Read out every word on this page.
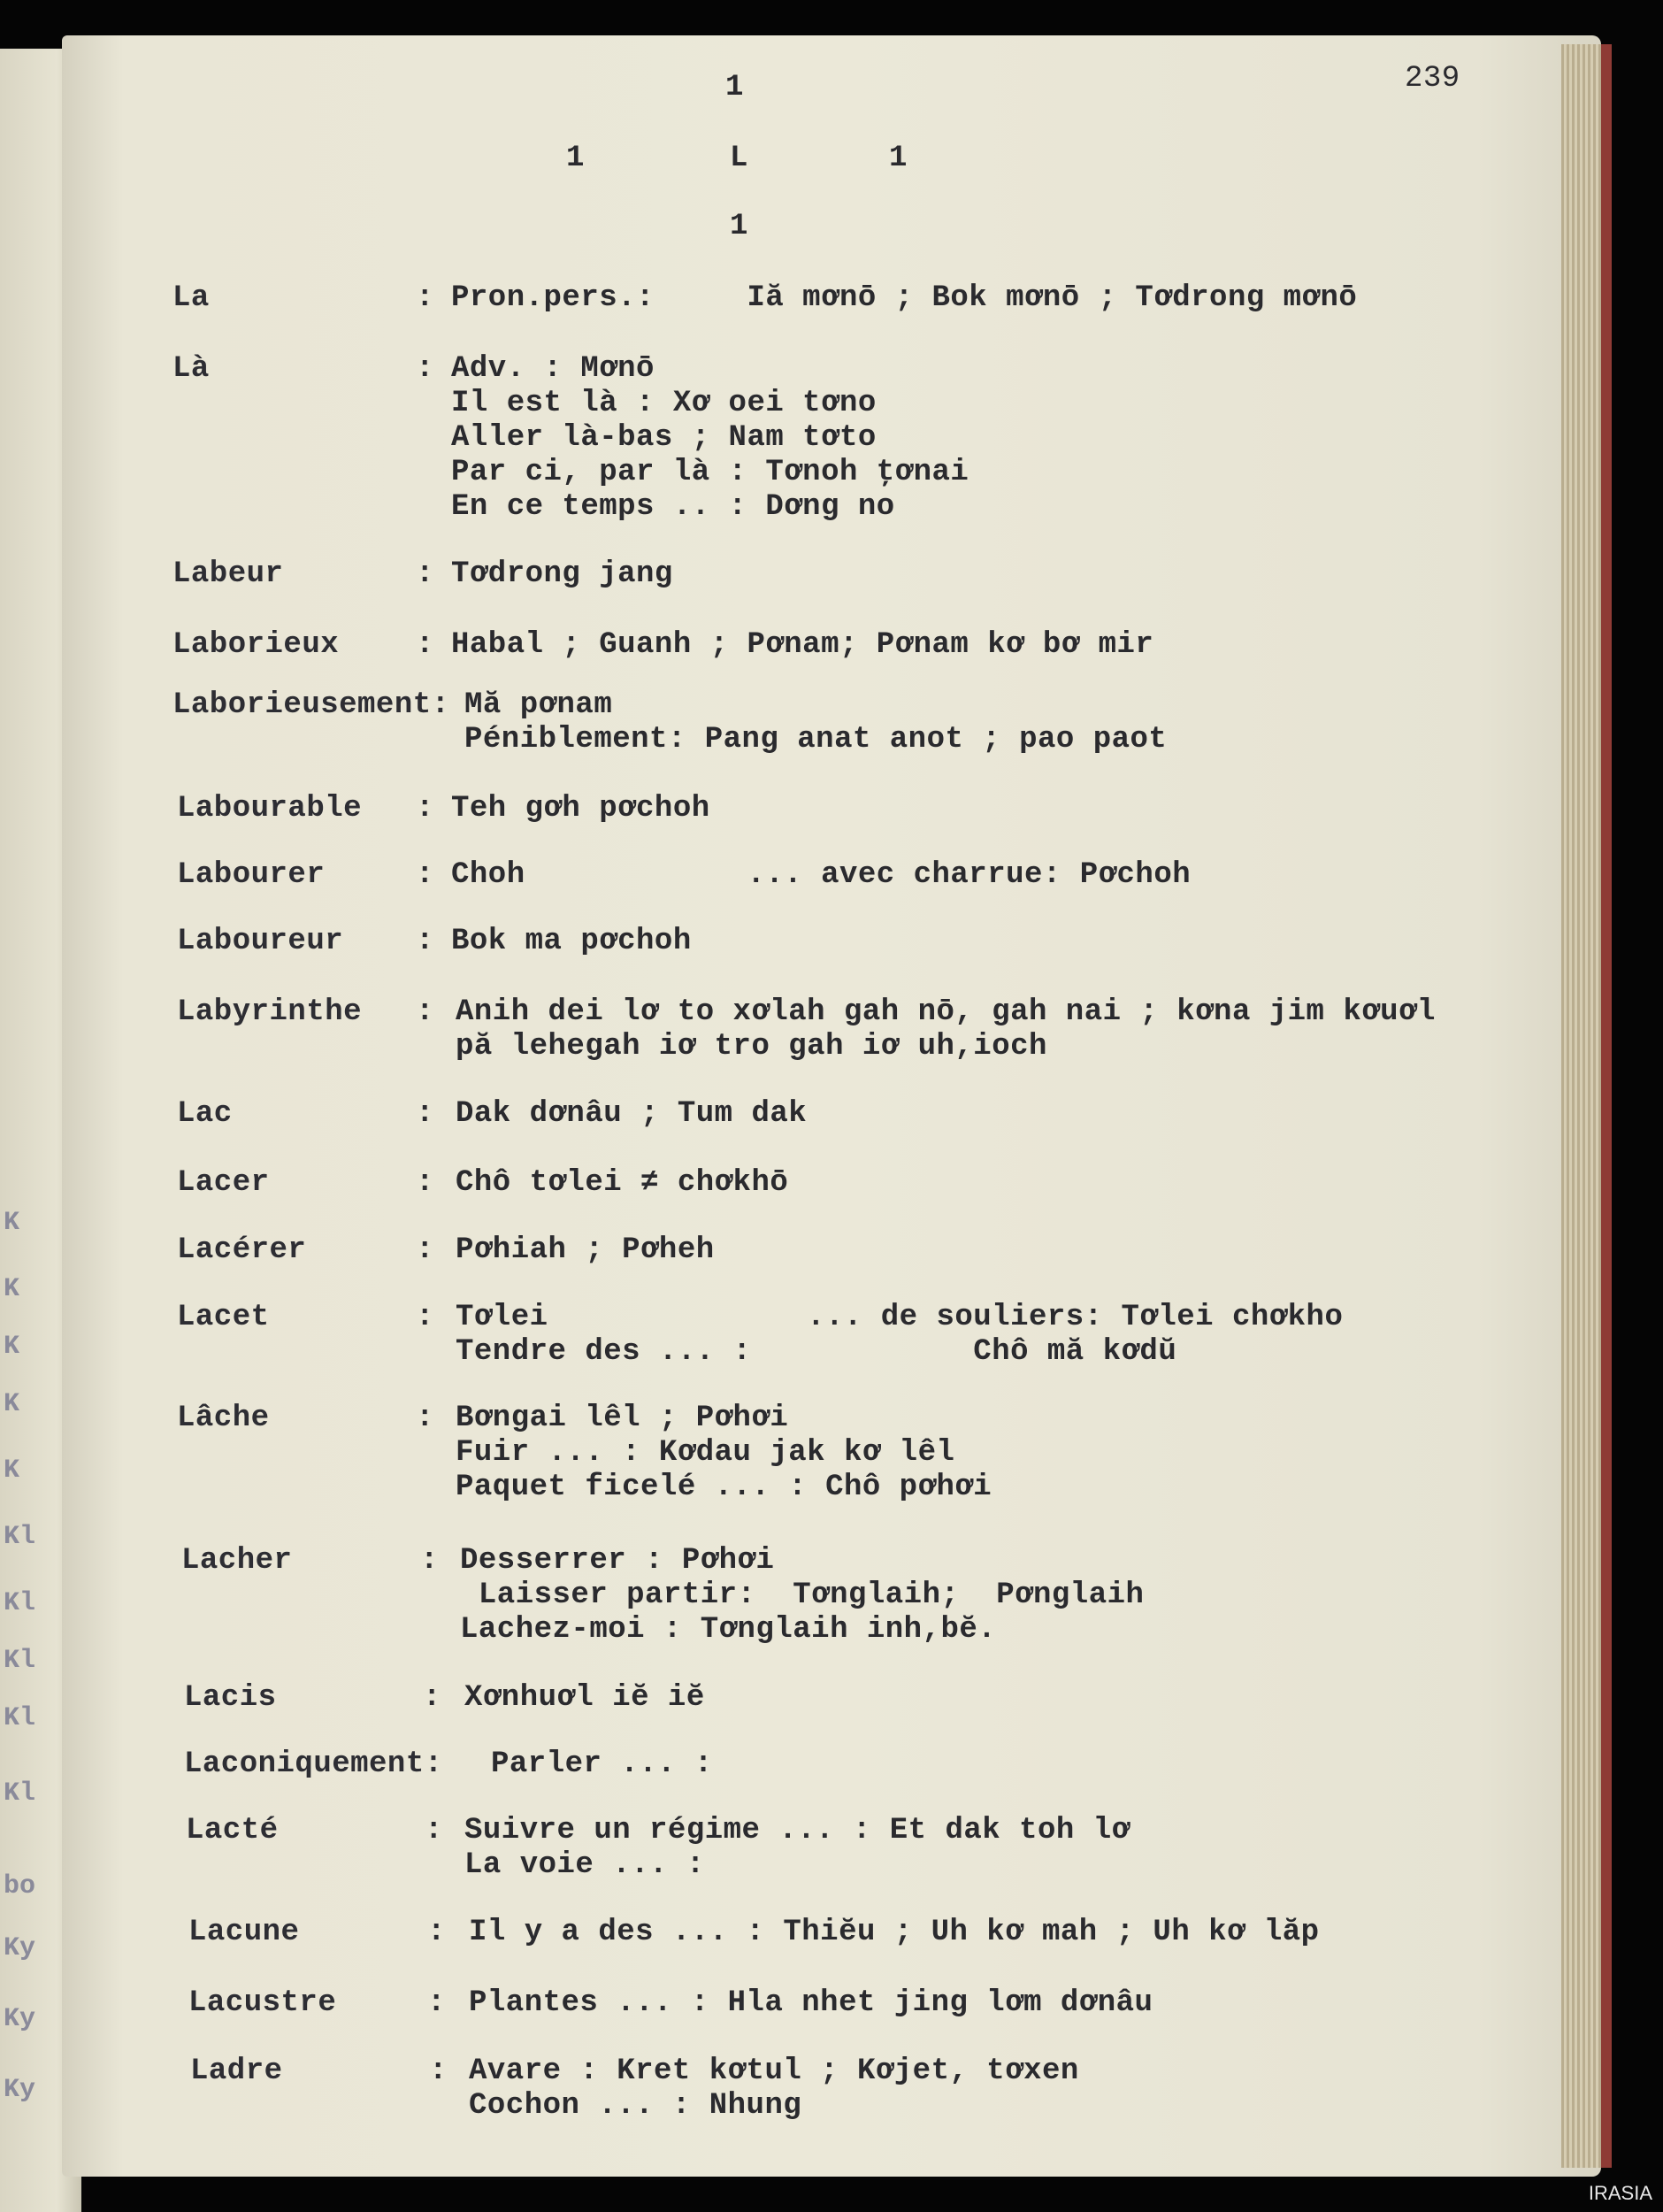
K
K
K
K
K
Kl
Kl
Kl
Kl
Kl
bo
Ky
Ky
Ky
239
1
1	L	1
1
La	: Pron.pers.:     Iă mơnō ; Bok mơnō ; Tơdrong mơnō
Là	: Adv. : Mơnō
Il est là : Xơ oei tơno
Aller là-bas ; Nam tơto
Par ci, par là : Tơnoh ţơnai
En ce temps .. : Dơng no
Labeur	: Tơdrong jang
Laborieux	: Habal ; Guanh ; Pơnam; Pơnam kơ bơ mir
Laborieusement: Mă pơnam
Péniblement: Pang anat anot ; pao paot
Labourable : Teh gơh pơchoh
Labourer	: Choh            ... avec charrue: Pơchoh
Laboureur : Bok ma pơchoh
Labyrinthe : Anih dei lơ to xơlah gah nō, gah nai ; kơna jim kơuơl
pă lehegah iơ tro gah iơ uh,ioch
Lac	: Dak dơnâu ; Tum dak
Lacer	: Chô tơlei ≠ chơkhō
Lacérer	: Pơhiah ; Pơheh
Lacet	: Tơlei              ... de souliers: Tơlei chơkho
Tendre des ... :            Chô mă kơdŭ
Lâche	: Bơngai lêl ; Pơhơi
Fuir ... : Kơdau jak kơ lêl
Paquet ficelé ... : Chô pơhơi
Lacher	: Desserrer : Pơhơi
Laisser partir:  Tơnglaih;  Pơnglaih
Lachez-moi : Tơnglaih inh,bĕ.
Lacis	: Xơnhuơl iĕ iĕ
Laconiquement: Parler ... :
Lacté	: Suivre un régime ... : Et dak toh lơ
La voie ... :
Lacune	: Il y a des ... : Thiĕu ; Uh kơ mah ; Uh kơ lăp
Lacustre	: Plantes ... : Hla nhet jing lơm dơnâu
Ladre	: Avare : Kret kơtul ; Kơjet, tơxen
Cochon ... : Nhung
IRASIA
